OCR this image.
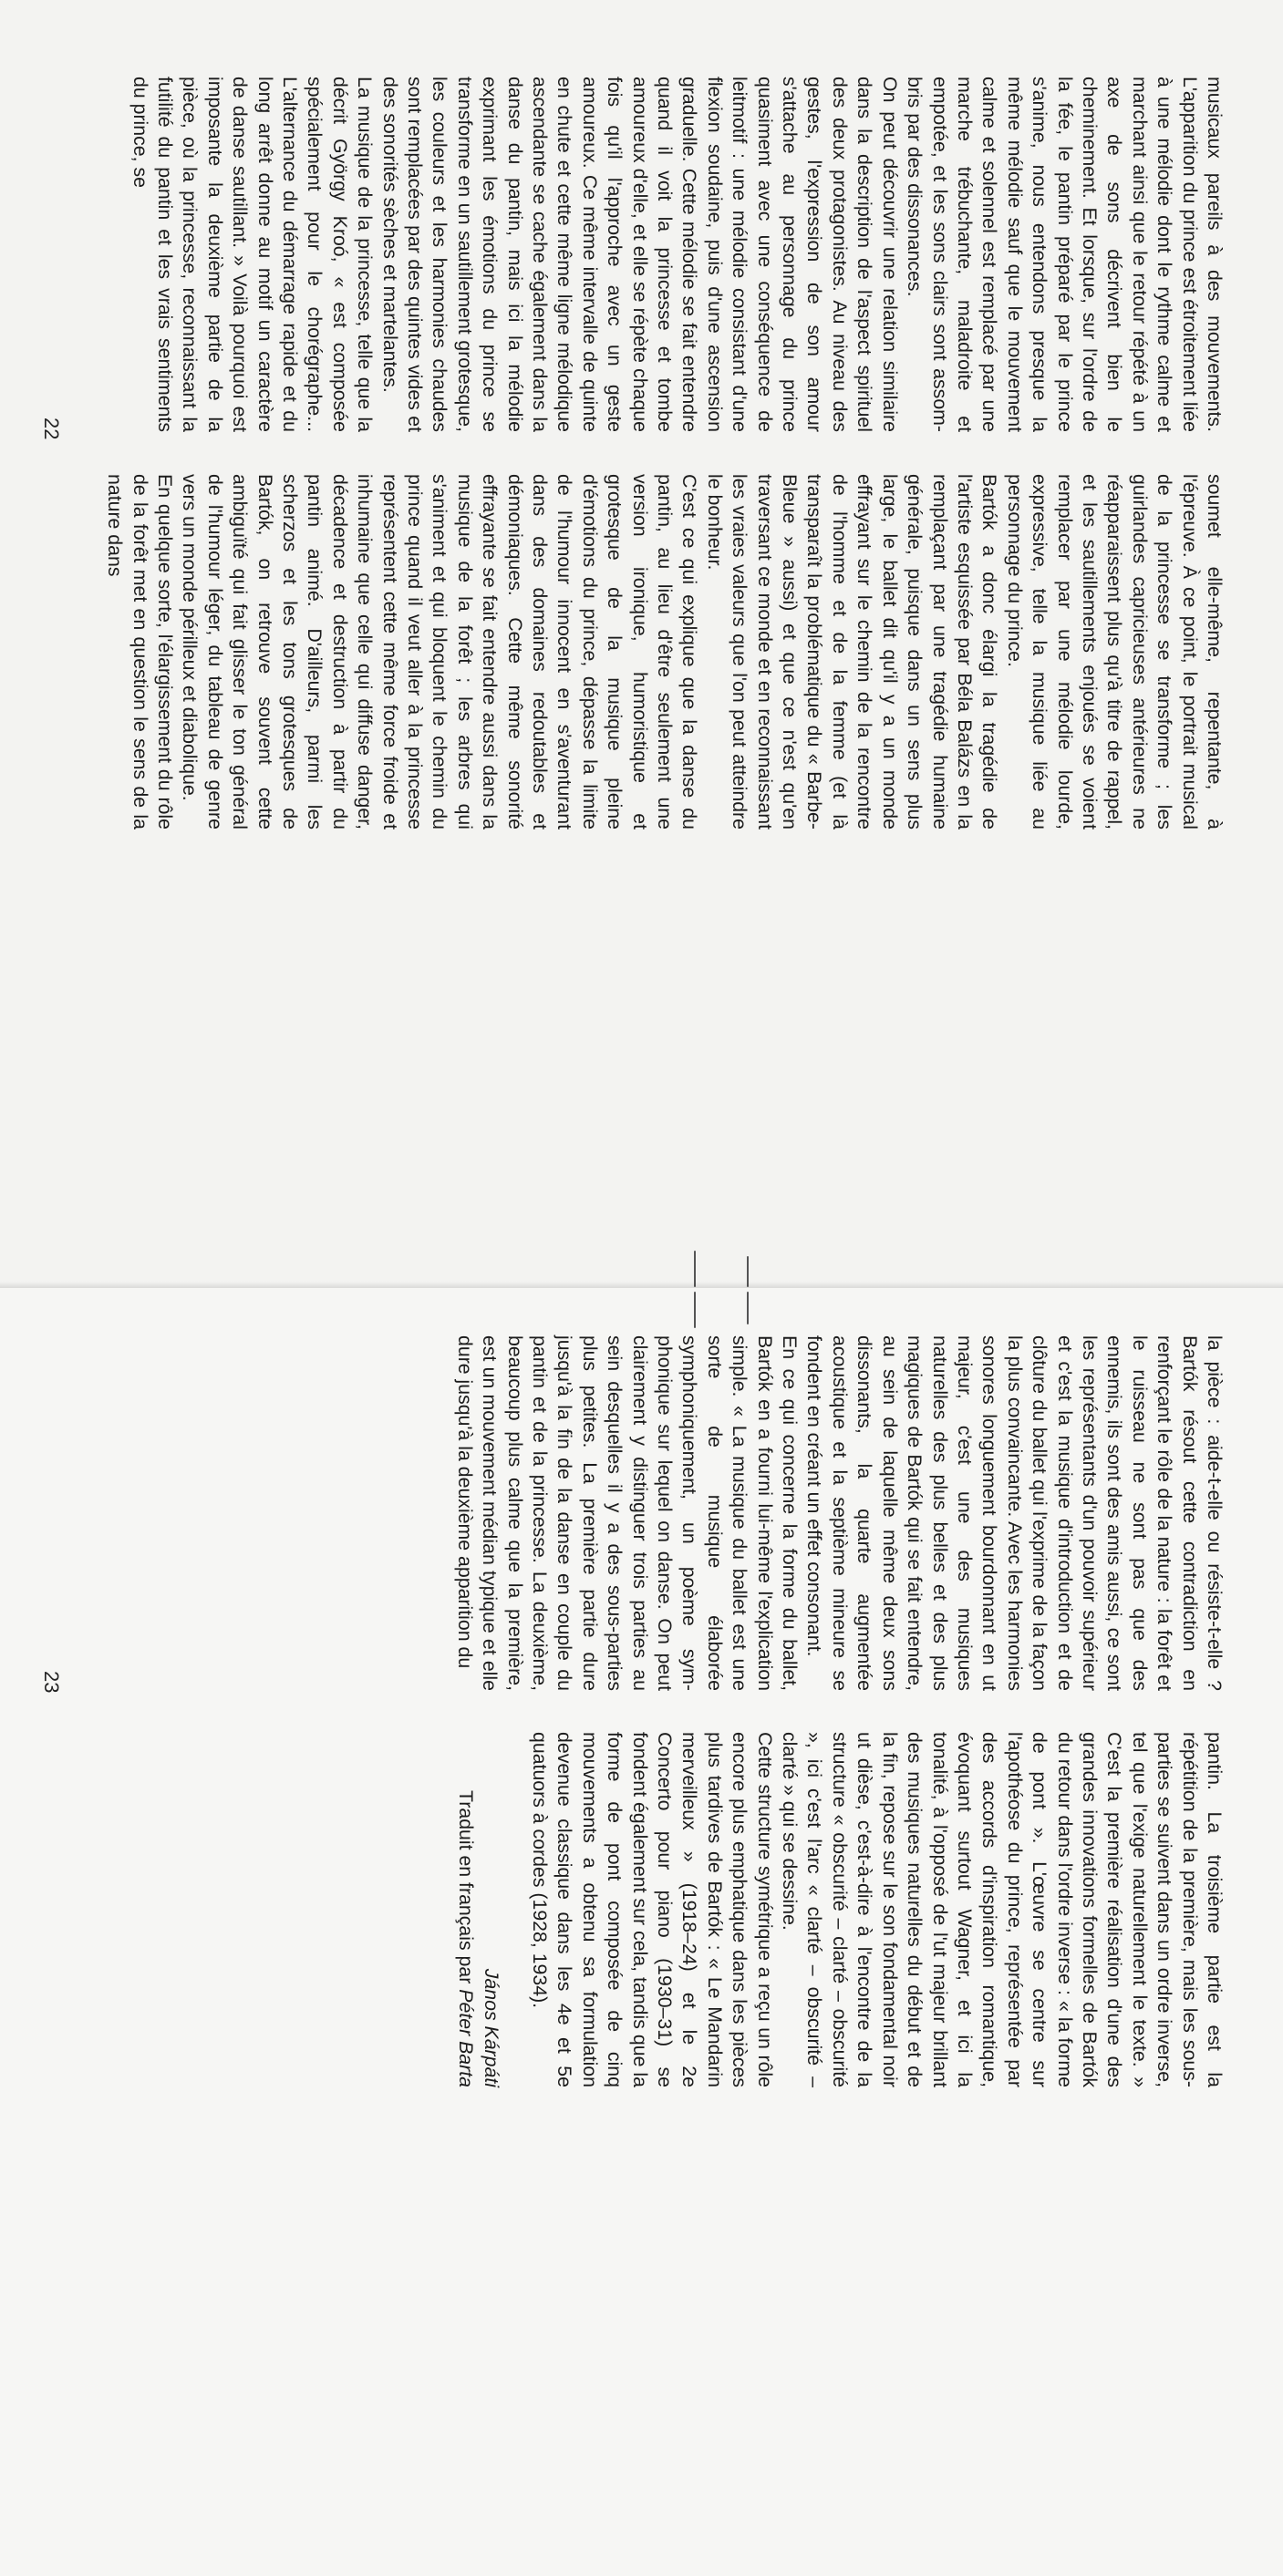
musicaux pareils à des mouvements. L'apparition du prince est étroitement liée à une mélodie dont le rythme calme et marchant ainsi que le retour répété à un axe de sons décrivent bien le cheminement. Et lorsque, sur l'ordre de la fée, le pantin préparé par le prince s'anime, nous entendons presque la même mélodie sauf que le mouvement calme et solennel est remplacé par une marche trébuchante, maladroite et empotée, et les sons clairs sont assombris par des dissonances.

On peut découvrir une relation similaire dans la description de l'aspect spirituel des deux protagonistes. Au niveau des gestes, l'expression de son amour s'attache au personnage du prince quasiment avec une conséquence de leitmotif : une mélodie consistant d'une flexion soudaine, puis d'une ascension graduelle. Cette mélodie se fait entendre quand il voit la princesse et tombe amoureux d'elle, et elle se répète chaque fois qu'il l'approche avec un geste amoureux. Ce même intervalle de quinte en chute et cette même ligne mélodique ascendante se cache également dans la danse du pantin, mais ici la mélodie exprimant les émotions du prince se transforme en un sautillement grotesque, les couleurs et les harmonies chaudes sont remplacées par des quintes vides et des sonorités sèches et martelantes.

La musique de la princesse, telle que la décrit György Kroó, « est composée spécialement pour le chorégraphe... L'alternance du démarrage rapide et du long arrêt donne au motif un caractère de danse sautillant. » Voilà pourquoi est imposante la deuxième partie de la pièce, où la princesse, reconnaissant la futilité du pantin et les vrais sentiments du prince, se

soumet elle-même, repentante, à l'épreuve. À ce point, le portrait musical de la princesse se transforme ; les guirlandes capricieuses antérieures ne réapparaissent plus qu'à titre de rappel, et les sautillements enjoués se voient remplacer par une mélodie lourde, expressive, telle la musique liée au personnage du prince.

Bartók a donc élargi la tragédie de l'artiste esquissée par Béla Balázs en la remplaçant par une tragédie humaine générale, puisque dans un sens plus large, le ballet dit qu'il y a un monde effrayant sur le chemin de la rencontre de l'homme et de la femme (et là transparaît la problématique du « Barbe-Bleue » aussi) et que ce n'est qu'en traversant ce monde et en reconnaissant les vraies valeurs que l'on peut atteindre le bonheur.

C'est ce qui explique que la danse du pantin, au lieu d'être seulement une version ironique, humoristique et grotesque de la musique pleine d'émotions du prince, dépasse la limite de l'humour innocent en s'aventurant dans des domaines redoutables et démoniaques. Cette même sonorité effrayante se fait entendre aussi dans la musique de la forêt ; les arbres qui s'animent et qui bloquent le chemin du prince quand il veut aller à la princesse représentent cette même force froide et inhumaine que celle qui diffuse danger, décadence et destruction à partir du pantin animé. D'ailleurs, parmi les scherzos et les tons grotesques de Bartók, on retrouve souvent cette ambiguïté qui fait glisser le ton général de l'humour léger, du tableau de genre vers un monde périlleux et diabolique.

En quelque sorte, l'élargissement du rôle de la forêt met en question le sens de la nature dans

22

la pièce : aide-t-elle ou résiste-t-elle ? Bartók résout cette contradiction en renforçant le rôle de la nature : la forêt et le ruisseau ne sont pas que des ennemis, ils sont des amis aussi, ce sont les représentants d'un pouvoir supérieur et c'est la musique d'introduction et de clôture du ballet qui l'exprime de la façon la plus convaincante. Avec les harmonies sonores longuement bourdonnant en ut majeur, c'est une des musiques naturelles des plus belles et des plus magiques de Bartók qui se fait entendre, au sein de laquelle même deux sons dissonants, la quarte augmentée acoustique et la septième mineure se fondent en créant un effet consonant.

En ce qui concerne la forme du ballet, Bartók en a fourni lui-même l'explication simple. « La musique du ballet est une sorte de musique élaborée symphoniquement, un poème symphonique sur lequel on danse. On peut clairement y distinguer trois parties au sein desquelles il y a des sous-parties plus petites. La première partie dure jusqu'à la fin de la danse en couple du pantin et de la princesse. La deuxième, beaucoup plus calme que la première, est un mouvement médian typique et elle dure jusqu'à la deuxième apparition du

pantin. La troisième partie est la répétition de la première, mais les sous-parties se suivent dans un ordre inverse, tel que l'exige naturellement le texte. » C'est la première réalisation d'une des grandes innovations formelles de Bartók du retour dans l'ordre inverse : « la forme de pont ». L'œuvre se centre sur l'apothéose du prince, représentée par des accords d'inspiration romantique, évoquant surtout Wagner, et ici la tonalité, à l'opposé de l'ut majeur brillant des musiques naturelles du début et de la fin, repose sur le son fondamental noir ut dièse, c'est-à-dire à l'encontre de la structure « obscurité – clarté – obscurité », ici c'est l'arc « clarté – obscurité – clarté » qui se dessine.

Cette structure symétrique a reçu un rôle encore plus emphatique dans les pièces plus tardives de Bartók : « Le Mandarin merveilleux » (1918–24) et le 2e Concerto pour piano (1930–31) se fondent également sur cela, tandis que la forme de pont composée de cinq mouvements a obtenu sa formulation devenue classique dans les 4e et 5e quatuors à cordes (1928, 1934).

János Kárpáti
Traduit en français par Péter Barta
23
